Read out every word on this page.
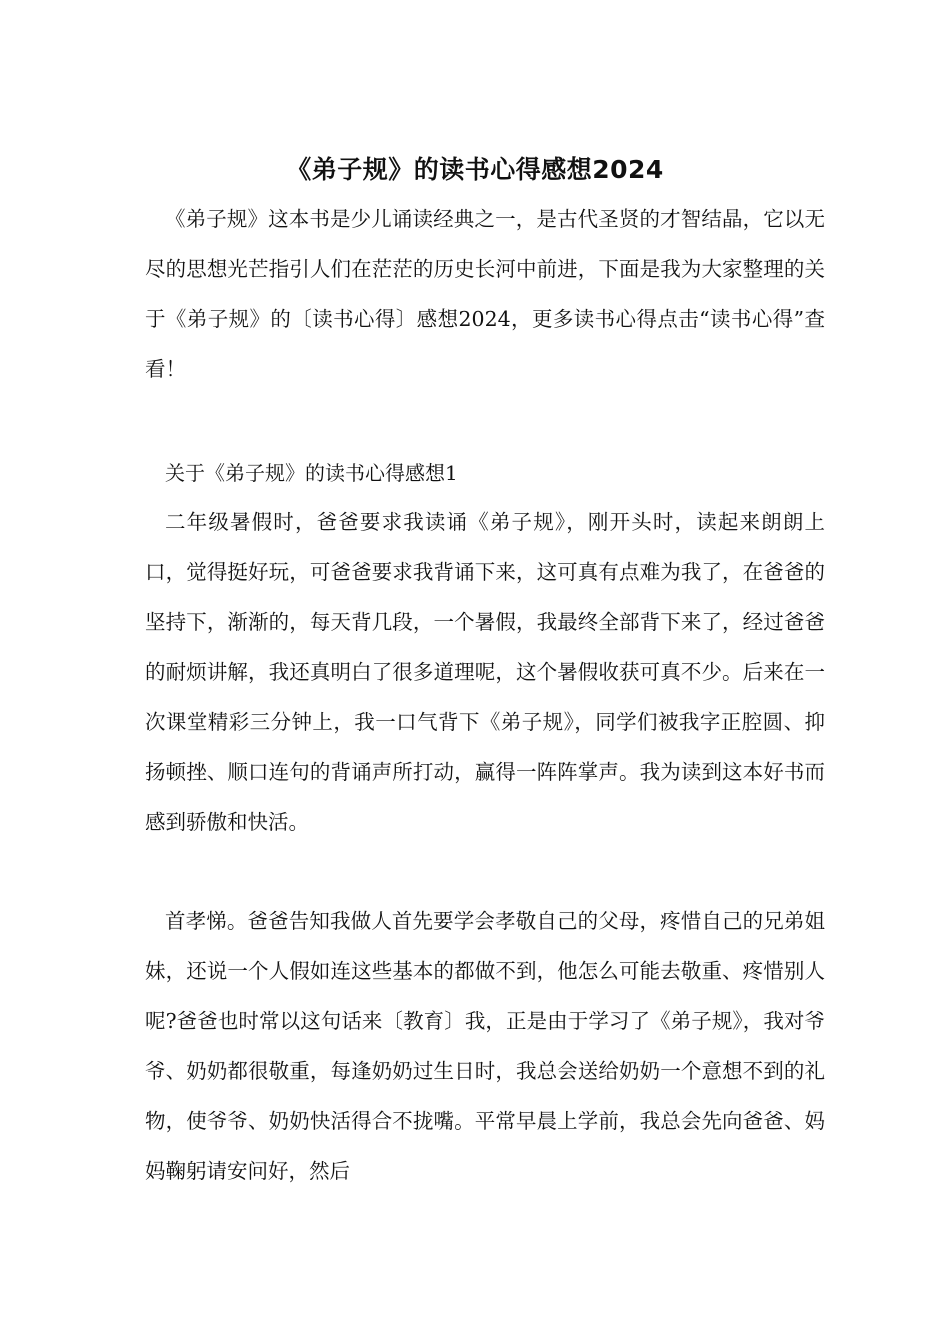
《弟子规》的读书心得感想2024

《弟子规》这本书是少儿诵读经典之一，是古代圣贤的才智结晶，它以无尽的思想光芒指引人们在茫茫的历史长河中前进，下面是我为大家整理的关于《弟子规》的〔读书心得〕感想2024，更多读书心得点击“读书心得”查看！

关于《弟子规》的读书心得感想1

二年级暑假时，爸爸要求我读诵《弟子规》，刚开头时，读起来朗朗上口，觉得挺好玩，可爸爸要求我背诵下来，这可真有点难为我了，在爸爸的坚持下，渐渐的，每天背几段，一个暑假，我最终全部背下来了，经过爸爸的耐烦讲解，我还真明白了很多道理呢，这个暑假收获可真不少。后来在一次课堂精彩三分钟上，我一口气背下《弟子规》，同学们被我字正腔圆、抑扬顿挫、顺口连句的背诵声所打动，赢得一阵阵掌声。我为读到这本好书而感到骄傲和快活。

首孝悌。爸爸告知我做人首先要学会孝敬自己的父母，疼惜自己的兄弟姐妹，还说一个人假如连这些基本的都做不到，他怎么可能去敬重、疼惜别人呢?爸爸也时常以这句话来〔教育〕我，正是由于学习了《弟子规》，我对爷爷、奶奶都很敬重，每逢奶奶过生日时，我总会送给奶奶一个意想不到的礼物，使爷爷、奶奶快活得合不拢嘴。平常早晨上学前，我总会先向爸爸、妈妈鞠躬请安问好，然后
